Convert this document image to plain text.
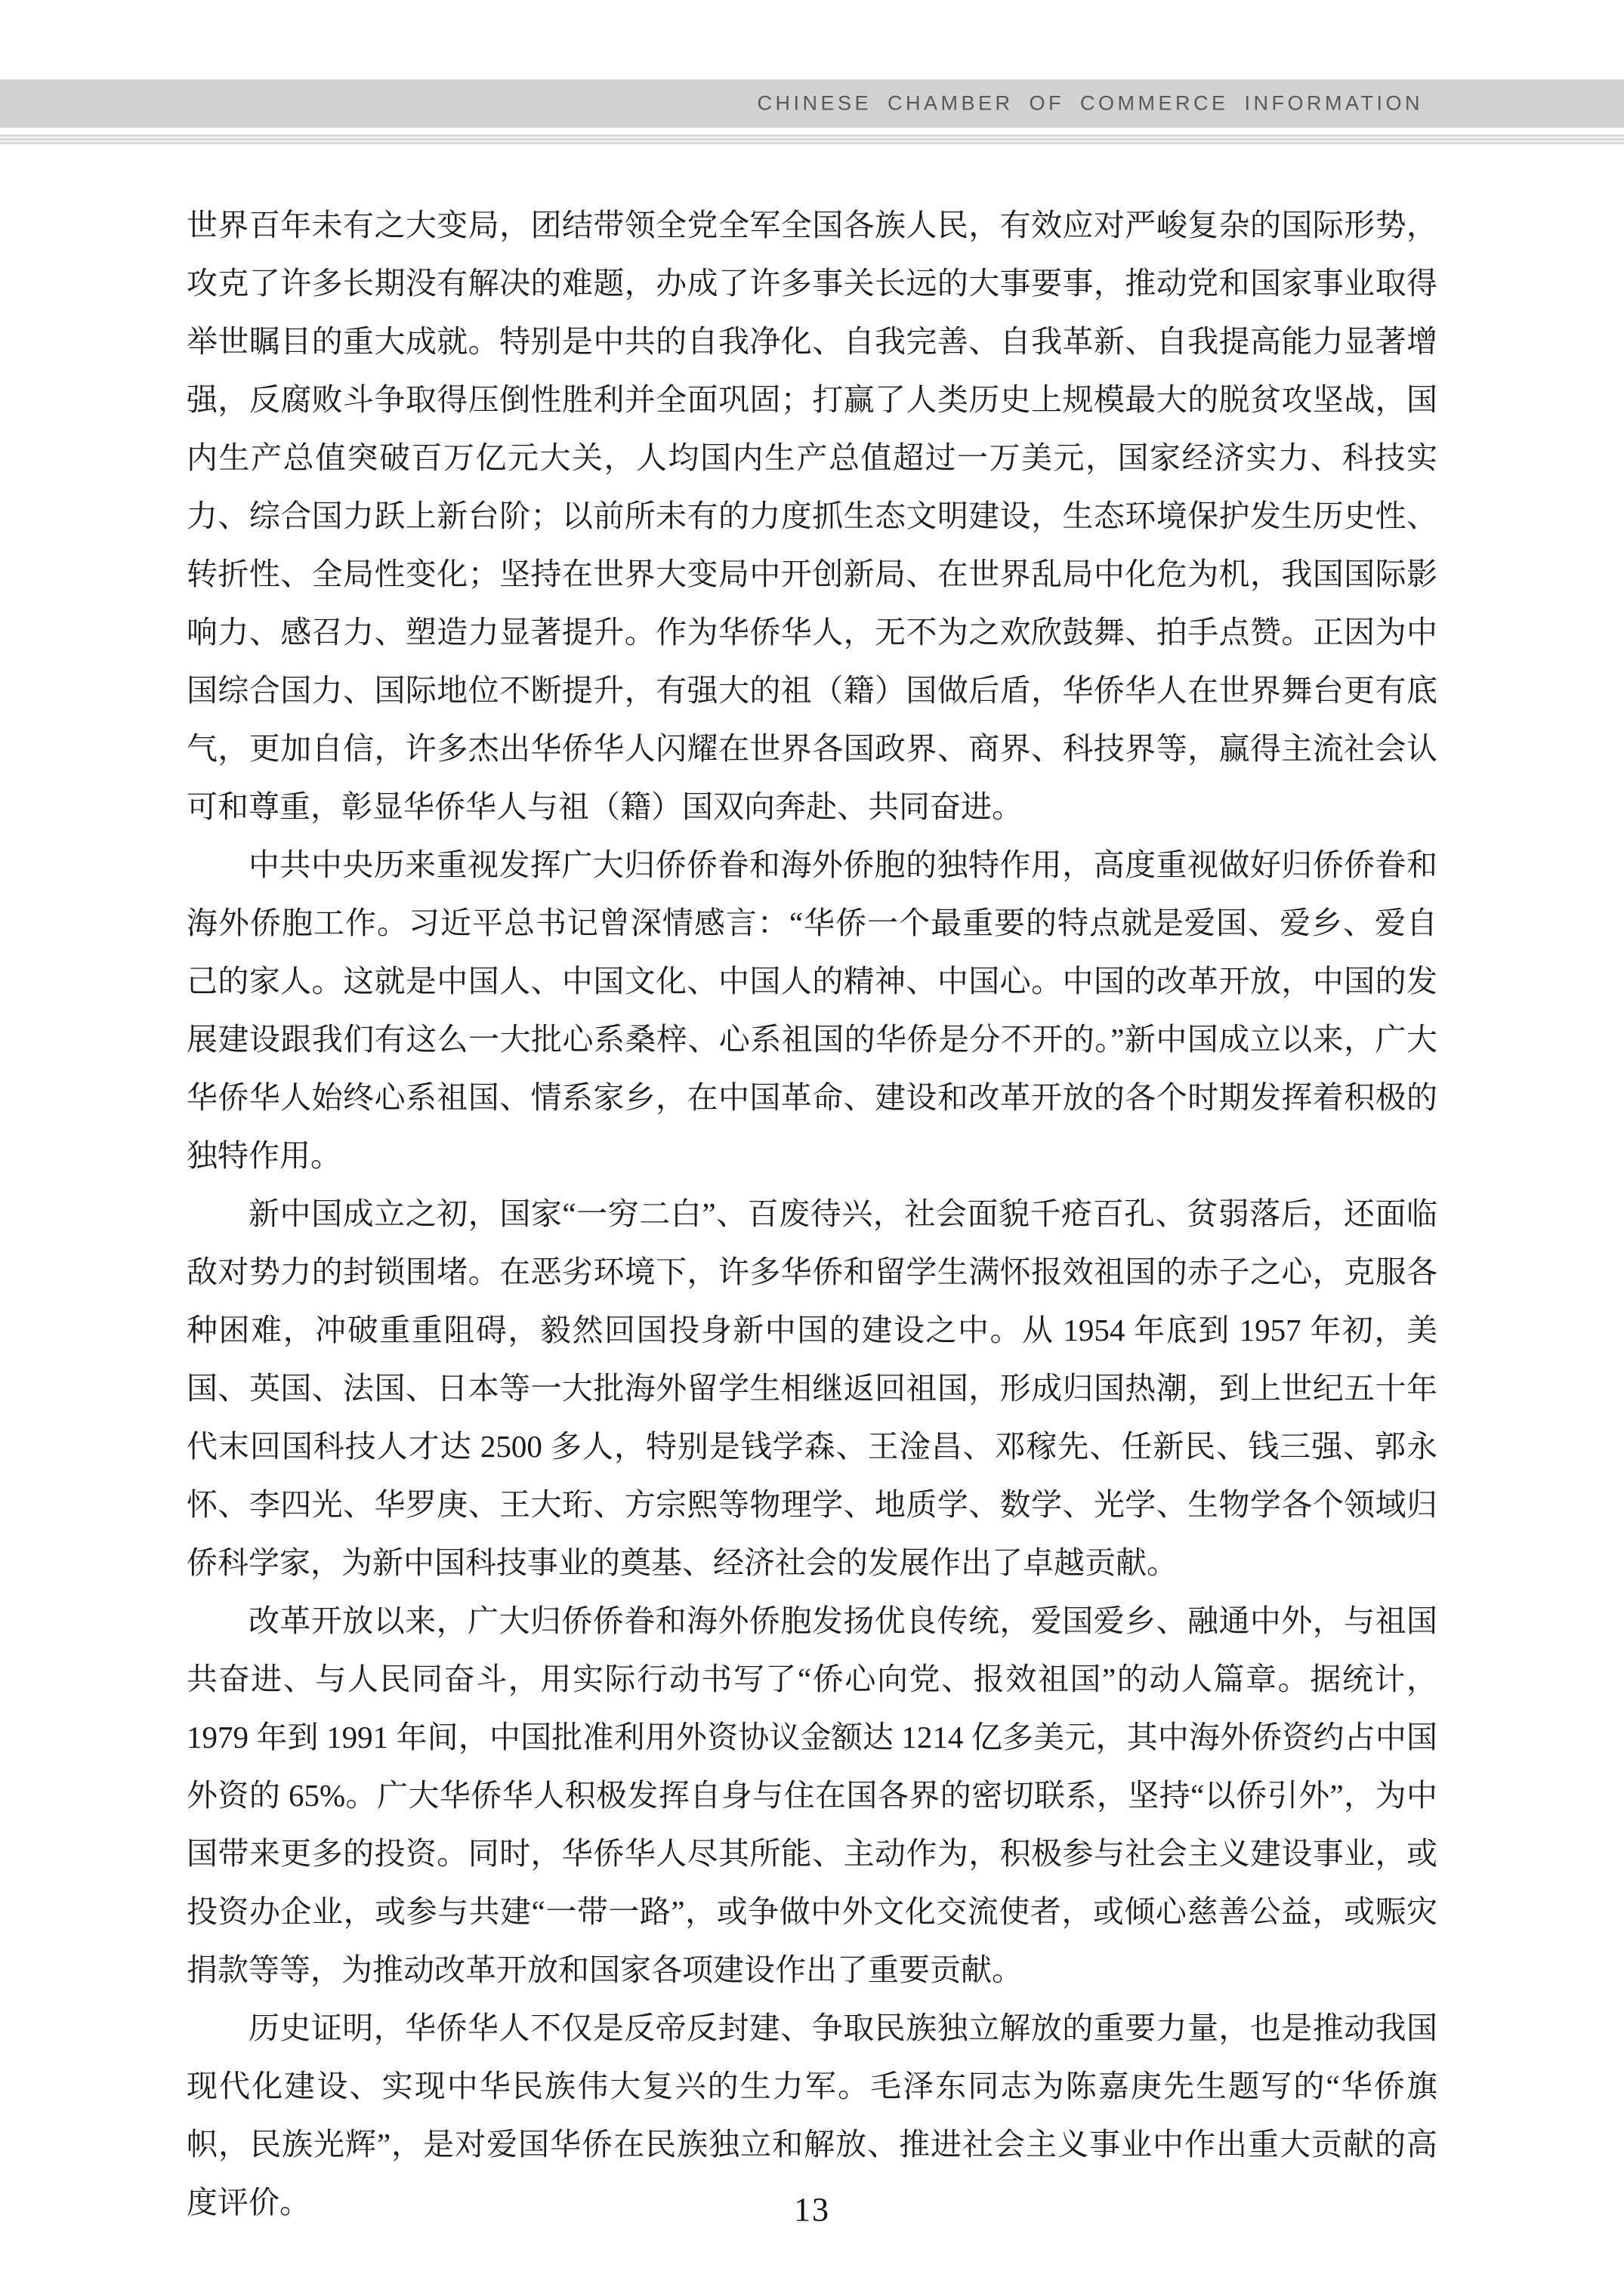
CHINESE CHAMBER OF COMMERCE INFORMATION

世界百年未有之大变局，团结带领全党全军全国各族人民，有效应对严峻复杂的国际形势，攻克了许多长期没有解决的难题，办成了许多事关长远的大事要事，推动党和国家事业取得举世瞩目的重大成就。特别是中共的自我净化、自我完善、自我革新、自我提高能力显著增强，反腐败斗争取得压倒性胜利并全面巩固；打赢了人类历史上规模最大的脱贫攻坚战，国内生产总值突破百万亿元大关，人均国内生产总值超过一万美元，国家经济实力、科技实力、综合国力跃上新台阶；以前所未有的力度抓生态文明建设，生态环境保护发生历史性、转折性、全局性变化；坚持在世界大变局中开创新局、在世界乱局中化危为机，我国国际影响力、感召力、塑造力显著提升。作为华侨华人，无不为之欢欣鼓舞、拍手点赞。正因为中国综合国力、国际地位不断提升，有强大的祖（籍）国做后盾，华侨华人在世界舞台更有底气，更加自信，许多杰出华侨华人闪耀在世界各国政界、商界、科技界等，赢得主流社会认可和尊重，彰显华侨华人与祖（籍）国双向奔赴、共同奋进。

中共中央历来重视发挥广大归侨侨眷和海外侨胞的独特作用，高度重视做好归侨侨眷和海外侨胞工作。习近平总书记曾深情感言：“华侨一个最重要的特点就是爱国、爱乡、爱自己的家人。这就是中国人、中国文化、中国人的精神、中国心。中国的改革开放，中国的发展建设跟我们有这么一大批心系桑梓、心系祖国的华侨是分不开的。”新中国成立以来，广大华侨华人始终心系祖国、情系家乡，在中国革命、建设和改革开放的各个时期发挥着积极的独特作用。

新中国成立之初，国家“一穷二白”、百废待兴，社会面貌千疮百孔、贫弱落后，还面临敌对势力的封锁围堵。在恶劣环境下，许多华侨和留学生满怀报效祖国的赤子之心，克服各种困难，冲破重重阻碍，毅然回国投身新中国的建设之中。从 1954 年底到 1957 年初，美国、英国、法国、日本等一大批海外留学生相继返回祖国，形成归国热潮，到上世纪五十年代末回国科技人才达 2500 多人，特别是钱学森、王淦昌、邓稼先、任新民、钱三强、郭永怀、李四光、华罗庚、王大珩、方宗熙等物理学、地质学、数学、光学、生物学各个领域归侨科学家，为新中国科技事业的奠基、经济社会的发展作出了卓越贡献。

改革开放以来，广大归侨侨眷和海外侨胞发扬优良传统，爱国爱乡、融通中外，与祖国共奋进、与人民同奋斗，用实际行动书写了“侨心向党、报效祖国”的动人篇章。据统计，1979 年到 1991 年间，中国批准利用外资协议金额达 1214 亿多美元，其中海外侨资约占中国外资的 65%。广大华侨华人积极发挥自身与住在国各界的密切联系，坚持“以侨引外”，为中国带来更多的投资。同时，华侨华人尽其所能、主动作为，积极参与社会主义建设事业，或投资办企业，或参与共建“一带一路”，或争做中外文化交流使者，或倾心慈善公益，或赈灾捐款等等，为推动改革开放和国家各项建设作出了重要贡献。

历史证明，华侨华人不仅是反帝反封建、争取民族独立解放的重要力量，也是推动我国现代化建设、实现中华民族伟大复兴的生力军。毛泽东同志为陈嘉庚先生题写的“华侨旗帜，民族光辉”，是对爱国华侨在民族独立和解放、推进社会主义事业中作出重大贡献的高度评价。	13
